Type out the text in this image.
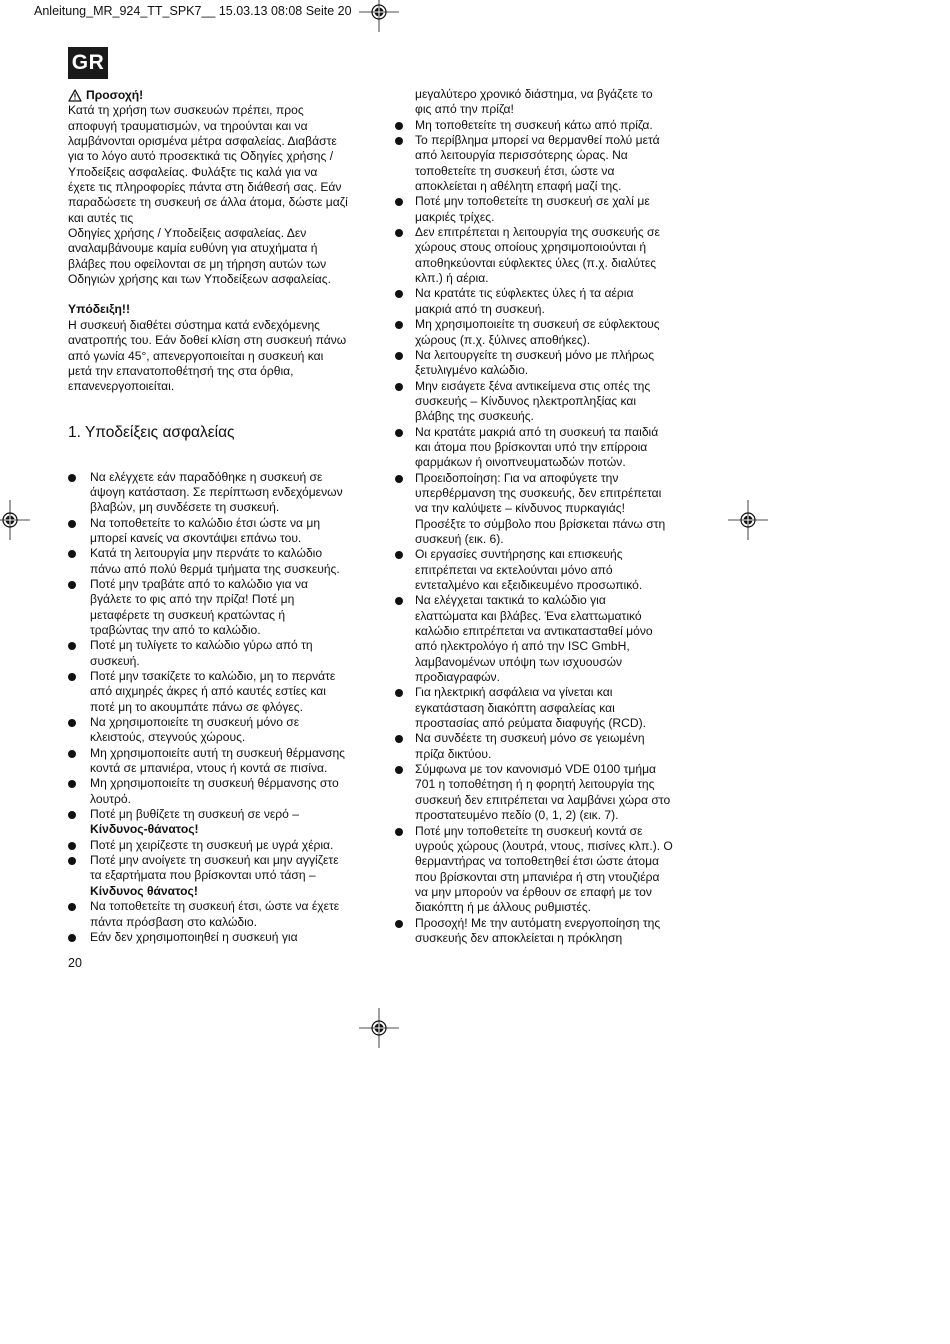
Anleitung_MR_924_TT_SPK7__ 15.03.13 08:08 Seite 20
GR
Προσοχή!
Κατά τη χρήση των συσκευών πρέπει, προς
αποφυγή τραυματισμών, να τηρούνται και να
λαμβάνονται ορισμένα μέτρα ασφαλείας. Διαβάστε
για το λόγο αυτό προσεκτικά τις Οδηγίες χρήσης /
Υποδείξεις ασφαλείας. Φυλάξτε τις καλά για να
έχετε τις πληροφορίες πάντα στη διάθεσή σας. Εάν
παραδώσετε τη συσκευή σε άλλα άτομα, δώστε μαζί
και αυτές τις
Οδηγίες χρήσης / Υποδείξεις ασφαλείας. Δεν
αναλαμβάνουμε καμία ευθύνη για ατυχήματα ή
βλάβες που οφείλονται σε μη τήρηση αυτών των
Οδηγιών χρήσης και των Υποδείξεων ασφαλείας.
Υπόδειξη!!
Η συσκευή διαθέτει σύστημα κατά ενδεχόμενης
ανατροπής του. Εάν δοθεί κλίση στη συσκευή πάνω
από γωνία 45°, απενεργοποιείται η συσκευή και
μετά την επανατοποθέτησή της στα όρθια,
επανενεργοποιείται.
1. Υποδείξεις ασφαλείας
Να ελέγχετε εάν παραδόθηκε η συσκευή σε
άψογη κατάσταση. Σε περίπτωση ενδεχόμενων
βλαβών, μη συνδέσετε τη συσκευή.
Να τοποθετείτε το καλώδιο έτσι ώστε να μη
μπορεί κανείς να σκοντάψει επάνω του.
Κατά τη λειτουργία μην περνάτε το καλώδιο
πάνω από πολύ θερμά τμήματα της συσκευής.
Ποτέ μην τραβάτε από το καλώδιο για να
βγάλετε το φις από την πρίζα! Ποτέ μη
μεταφέρετε τη συσκευή κρατώντας ή
τραβώντας την από το καλώδιο.
Ποτέ μη τυλίγετε το καλώδιο γύρω από τη
συσκευή.
Ποτέ μην τσακίζετε το καλώδιο, μη το περνάτε
από αιχμηρές άκρες ή από καυτές εστίες και
ποτέ μη το ακουμπάτε πάνω σε φλόγες.
Να χρησιμοποιείτε τη συσκευή μόνο σε
κλειστούς, στεγνούς χώρους.
Μη χρησιμοποιείτε αυτή τη συσκευή θέρμανσης
κοντά σε μπανιέρα, ντους ή κοντά σε πισίνα.
Μη χρησιμοποιείτε τη συσκευή θέρμανσης στο
λουτρό.
Ποτέ μη βυθίζετε τη συσκευή σε νερό –
Κίνδυνος-θάνατος!
Ποτέ μη χειρίζεστε τη συσκευή με υγρά χέρια.
Ποτέ μην ανοίγετε τη συσκευή και μην αγγίζετε
τα εξαρτήματα που βρίσκονται υπό τάση –
Κίνδυνος θάνατος!
Να τοποθετείτε τη συσκευή έτσι, ώστε να έχετε
πάντα πρόσβαση στο καλώδιο.
Εάν δεν χρησιμοποιηθεί η συσκευή για
μεγαλύτερο χρονικό διάστημα, να βγάζετε το
φις από την πρίζα!
Μη τοποθετείτε τη συσκευή κάτω από πρίζα.
Το περίβλημα μπορεί να θερμανθεί πολύ μετά
από λειτουργία περισσότερης ώρας. Να
τοποθετείτε τη συσκευή έτσι, ώστε να
αποκλείεται η αθέλητη επαφή μαζί της.
Ποτέ μην τοποθετείτε τη συσκευή σε χαλί με
μακριές τρίχες.
Δεν επιτρέπεται η λειτουργία της συσκευής σε
χώρους στους οποίους χρησιμοποιούνται ή
αποθηκεύονται εύφλεκτες ύλες (π.χ. διαλύτες
κλπ.) ή αέρια.
Να κρατάτε τις εύφλεκτες ύλες ή τα αέρια
μακριά από τη συσκευή.
Μη χρησιμοποιείτε τη συσκευή σε εύφλεκτους
χώρους (π.χ. ξύλινες αποθήκες).
Να λειτουργείτε τη συσκευή μόνο με πλήρως
ξετυλιγμένο καλώδιο.
Μην εισάγετε ξένα αντικείμενα στις οπές της
συσκευής – Κίνδυνος ηλεκτροπληξίας και
βλάβης της συσκευής.
Να κρατάτε μακριά από τη συσκευή τα παιδιά
και άτομα που βρίσκονται υπό την επίρροια
φαρμάκων ή οινοπνευματωδών ποτών.
Προειδοποίηση: Για να αποφύγετε την
υπερθέρμανση της συσκευής, δεν επιτρέπεται
να την καλύψετε – κίνδυνος πυρκαγιάς!
Προσέξτε το σύμβολο που βρίσκεται πάνω στη
συσκευή (εικ. 6).
Οι εργασίες συντήρησης και επισκευής
επιτρέπεται να εκτελούνται μόνο από
εντεταλμένο και εξειδικευμένο προσωπικό.
Να ελέγχεται τακτικά το καλώδιο για
ελαττώματα και βλάβες. Ένα ελαττωματικό
καλώδιο επιτρέπεται να αντικατασταθεί μόνο
από ηλεκτρολόγο ή από την ISC GmbH,
λαμβανομένων υπόψη των ισχυουσών
προδιαγραφών.
Για ηλεκτρική ασφάλεια να γίνεται και
εγκατάσταση διακόπτη ασφαλείας και
προστασίας από ρεύματα διαφυγής (RCD).
Να συνδέετε τη συσκευή μόνο σε γειωμένη
πρίζα δικτύου.
Σύμφωνα με τον κανονισμό VDE 0100 τμήμα
701 η τοποθέτηση ή η φορητή λειτουργία της
συσκευή δεν επιτρέπεται να λαμβάνει χώρα στο
προστατευμένο πεδίο (0, 1, 2) (εικ. 7).
Ποτέ μην τοποθετείτε τη συσκευή κοντά σε
υγρούς χώρους (λουτρά, ντους, πισίνες κλπ.). Ο
θερμαντήρας να τοποθετηθεί έτσι ώστε άτομα
που βρίσκονται στη μπανιέρα ή στη ντουζιέρα
να μην μπορούν να έρθουν σε επαφή με τον
διακόπτη ή με άλλους ρυθμιστές.
Προσοχή! Με την αυτόματη ενεργοποίηση της
συσκευής δεν αποκλείεται η πρόκληση
20
